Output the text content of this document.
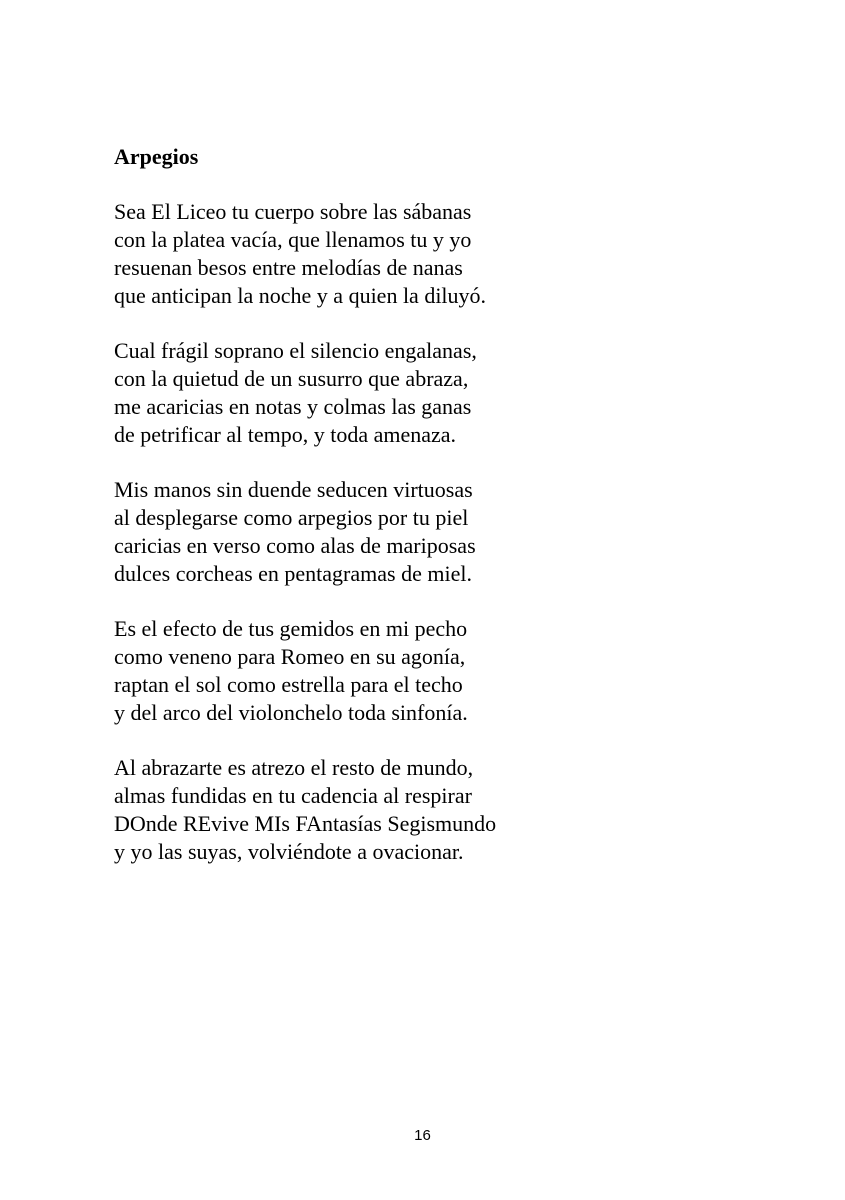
Arpegios
Sea El Liceo tu cuerpo sobre las sábanas
con la platea vacía, que llenamos tu y yo
resuenan besos entre melodías de nanas
que anticipan la noche y a quien la diluyó.
Cual frágil soprano el silencio engalanas,
con la quietud de un susurro que abraza,
me acaricias en notas y colmas las ganas
de petrificar al tempo, y toda amenaza.
Mis manos sin duende seducen virtuosas
al desplegarse como arpegios por tu piel
caricias en verso como alas de mariposas
dulces corcheas en pentagramas de miel.
Es el efecto de tus gemidos en mi pecho
como veneno para Romeo en su agonía,
raptan el sol como estrella para el techo
y del arco del violonchelo toda sinfonía.
Al abrazarte es atrezo el resto de mundo,
almas fundidas en tu cadencia al respirar
DOnde REvive MIs FAntasías Segismundo
y yo las suyas, volviéndote a ovacionar.
16
